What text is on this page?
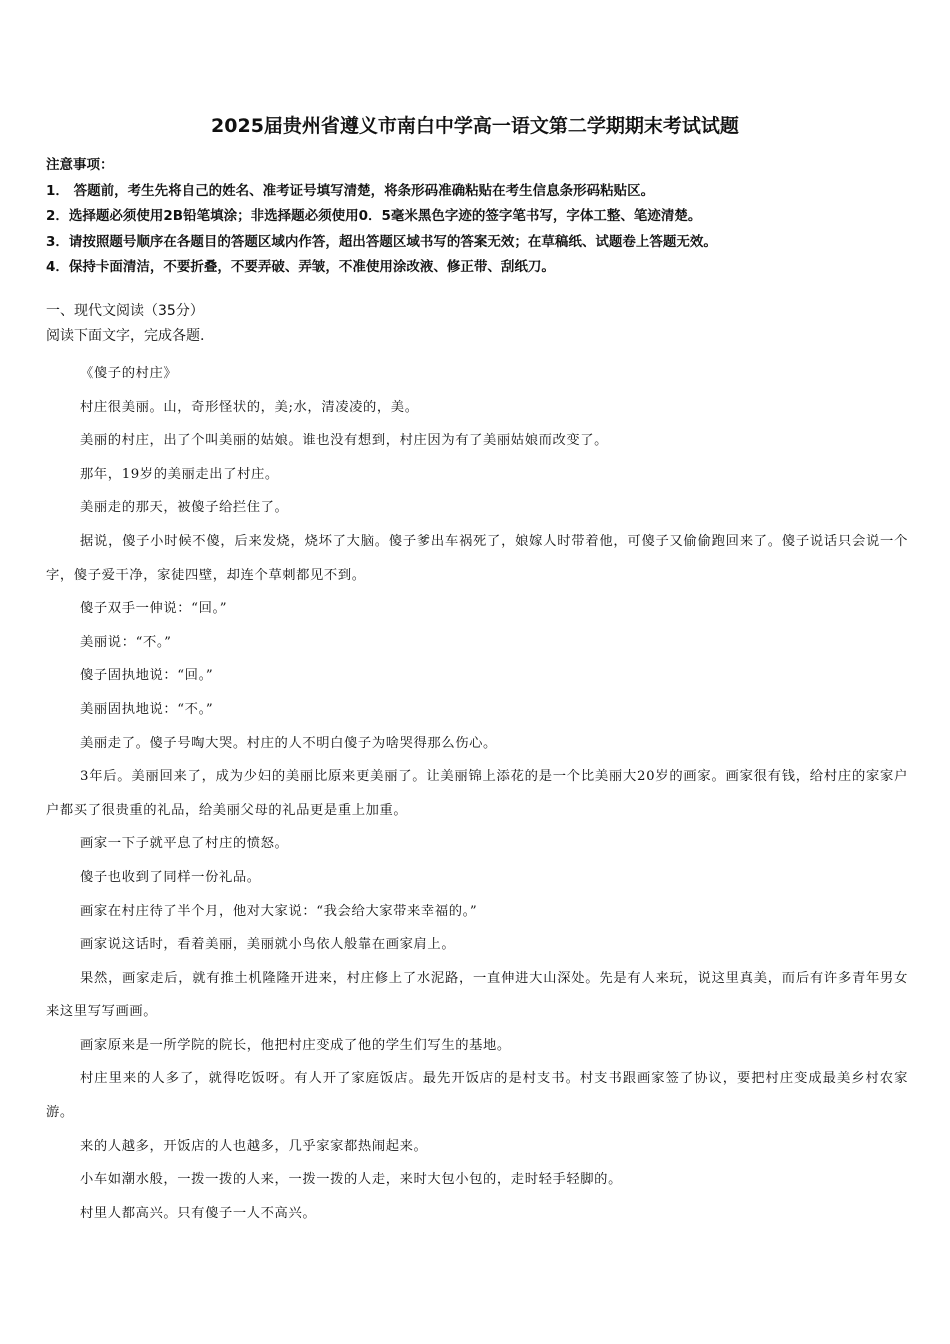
2025届贵州省遵义市南白中学高一语文第二学期期末考试试题
注意事项：
1． 答题前，考生先将自己的姓名、准考证号填写清楚，将条形码准确粘贴在考生信息条形码粘贴区。
2．选择题必须使用2B铅笔填涂；非选择题必须使用0．5毫米黑色字迹的签字笔书写，字体工整、笔迹清楚。
3．请按照题号顺序在各题目的答题区域内作答，超出答题区域书写的答案无效；在草稿纸、试题卷上答题无效。
4．保持卡面清洁，不要折叠，不要弄破、弄皱，不准使用涂改液、修正带、刮纸刀。
一、现代文阅读（35分）
阅读下面文字，完成各题.

《傻子的村庄》

村庄很美丽。山，奇形怪状的，美;水，清凌凌的，美。

美丽的村庄，出了个叫美丽的姑娘。谁也没有想到，村庄因为有了美丽姑娘而改变了。

那年，19岁的美丽走出了村庄。

美丽走的那天，被傻子给拦住了。

据说，傻子小时候不傻，后来发烧，烧坏了大脑。傻子爹出车祸死了，娘嫁人时带着他，可傻子又偷偷跑回来了。傻子说话只会说一个字，傻子爱干净，家徒四壁，却连个草刺都见不到。

傻子双手一伸说：“回。”

美丽说：“不。”

傻子固执地说：“回。”

美丽固执地说：“不。”

美丽走了。傻子号啕大哭。村庄的人不明白傻子为啥哭得那么伤心。

3年后。美丽回来了，成为少妇的美丽比原来更美丽了。让美丽锦上添花的是一个比美丽大20岁的画家。画家很有钱，给村庄的家家户户都买了很贵重的礼品，给美丽父母的礼品更是重上加重。

画家一下子就平息了村庄的愤怒。

傻子也收到了同样一份礼品。

画家在村庄待了半个月，他对大家说：“我会给大家带来幸福的。”

画家说这话时，看着美丽，美丽就小鸟依人般靠在画家肩上。

果然，画家走后，就有推土机隆隆开进来，村庄修上了水泥路，一直伸进大山深处。先是有人来玩，说这里真美，而后有许多青年男女来这里写写画画。

画家原来是一所学院的院长，他把村庄变成了他的学生们写生的基地。

村庄里来的人多了，就得吃饭呀。有人开了家庭饭店。最先开饭店的是村支书。村支书跟画家签了协议，要把村庄变成最美乡村农家游。

来的人越多，开饭店的人也越多，几乎家家都热闹起来。

小车如潮水般，一拨一拨的人来，一拨一拨的人走，来时大包小包的，走时轻手轻脚的。

村里人都高兴。只有傻子一人不高兴。
